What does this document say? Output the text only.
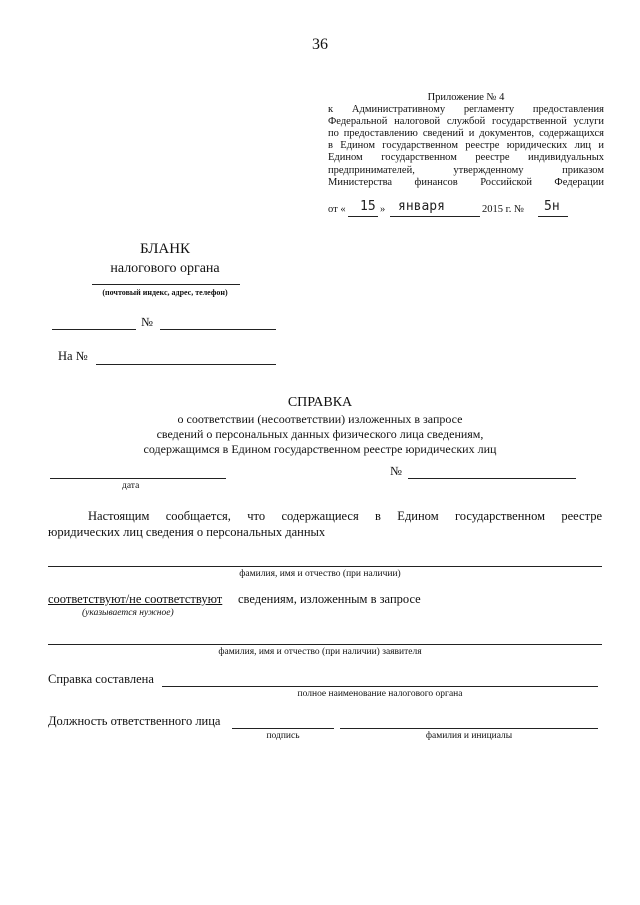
36
Приложение № 4
к Административному регламенту предоставления
Федеральной налоговой службой государственной услуги
по предоставлению сведений и документов, содержащихся
в Едином государственном реестре юридических лиц и
Едином государственном реестре индивидуальных
предпринимателей, утвержденному приказом
Министерства финансов Российской Федерации
от « 15 » января	2015 г. № 5н
БЛАНК
налогового органа
(почтовый индекс, адрес, телефон)
№
На №
СПРАВКА
о соответствии (несоответствии) изложенных в запросе
сведений о персональных данных физического лица сведениям,
содержащимся в Едином государственном реестре юридических лиц
дата
№
Настоящим сообщается, что содержащиеся в Едином государственном реестре
юридических лиц сведения о персональных данных
фамилия, имя и отчество (при наличии)
соответствуют/не соответствуют сведениям, изложенным в запросе
(указывается нужное)
фамилия, имя и отчество (при наличии) заявителя
Справка составлена
полное наименование налогового органа
Должность ответственного лица
подпись	фамилия и инициалы
